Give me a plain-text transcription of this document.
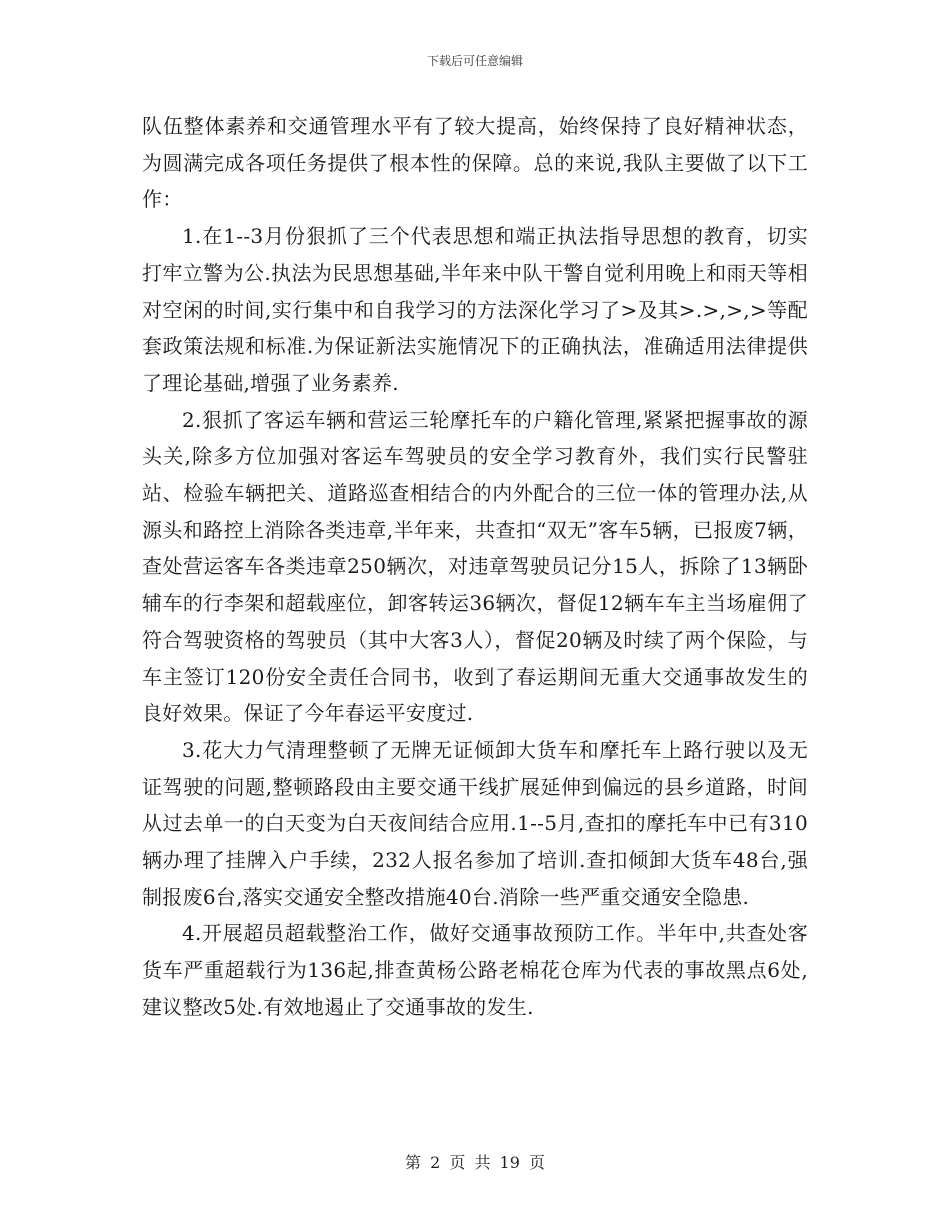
下载后可任意编辑

队伍整体素养和交通管理水平有了较大提高，始终保持了良好精神状态，为圆满完成各项任务提供了根本性的保障。总的来说,我队主要做了以下工作：

1.在1--3月份狠抓了三个代表思想和端正执法指导思想的教育，切实打牢立警为公.执法为民思想基础,半年来中队干警自觉利用晚上和雨天等相对空闲的时间,实行集中和自我学习的方法深化学习了>及其>.>,>,>等配套政策法规和标准.为保证新法实施情况下的正确执法，准确适用法律提供了理论基础,增强了业务素养.

2.狠抓了客运车辆和营运三轮摩托车的户籍化管理,紧紧把握事故的源头关,除多方位加强对客运车驾驶员的安全学习教育外，我们实行民警驻站、检验车辆把关、道路巡查相结合的内外配合的三位一体的管理办法,从源头和路控上消除各类违章,半年来，共查扣“双无”客车5辆，已报废7辆，查处营运客车各类违章250辆次，对违章驾驶员记分15人，拆除了13辆卧辅车的行李架和超载座位，卸客转运36辆次，督促12辆车车主当场雇佣了符合驾驶资格的驾驶员（其中大客3人），督促20辆及时续了两个保险，与车主签订120份安全责任合同书，收到了春运期间无重大交通事故发生的良好效果。保证了今年春运平安度过.

3.花大力气清理整顿了无牌无证倾卸大货车和摩托车上路行驶以及无证驾驶的问题,整顿路段由主要交通干线扩展延伸到偏远的县乡道路，时间从过去单一的白天变为白天夜间结合应用.1--5月,查扣的摩托车中已有310辆办理了挂牌入户手续，232人报名参加了培训.查扣倾卸大货车48台,强制报废6台,落实交通安全整改措施40台.消除一些严重交通安全隐患.

4.开展超员超载整治工作，做好交通事故预防工作。半年中,共查处客货车严重超载行为136起,排查黄杨公路老棉花仓库为代表的事故黑点6处,建议整改5处.有效地遏止了交通事故的发生.

第 2 页 共 19 页
